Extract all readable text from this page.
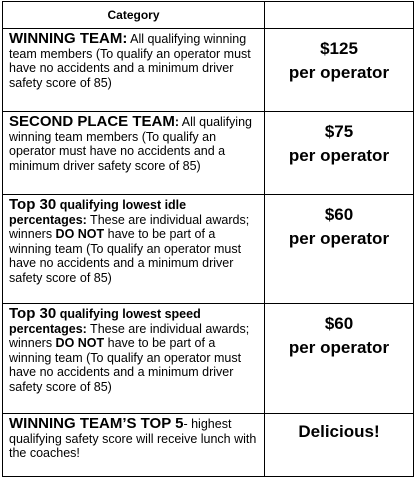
Category	
WINNING TEAM: All qualifying winning team members (To qualify an operator must have no accidents and a minimum driver safety score of 85)	$125
per operator

SECOND PLACE TEAM: All qualifying winning team members (To qualify an operator must have no accidents and a minimum driver safety score of 85)	$75
per operator

Top 30 qualifying lowest idle percentages: These are individual awards; winners DO NOT have to be part of a winning team (To qualify an operator must have no accidents and a minimum driver safety score of 85)	$60
per operator

Top 30 qualifying lowest speed percentages: These are individual awards; winners DO NOT have to be part of a winning team (To qualify an operator must have no accidents and a minimum driver safety score of 85)	$60
per operator

WINNING TEAM’S TOP 5- highest qualifying safety score will receive lunch with the coaches!	Delicious!
